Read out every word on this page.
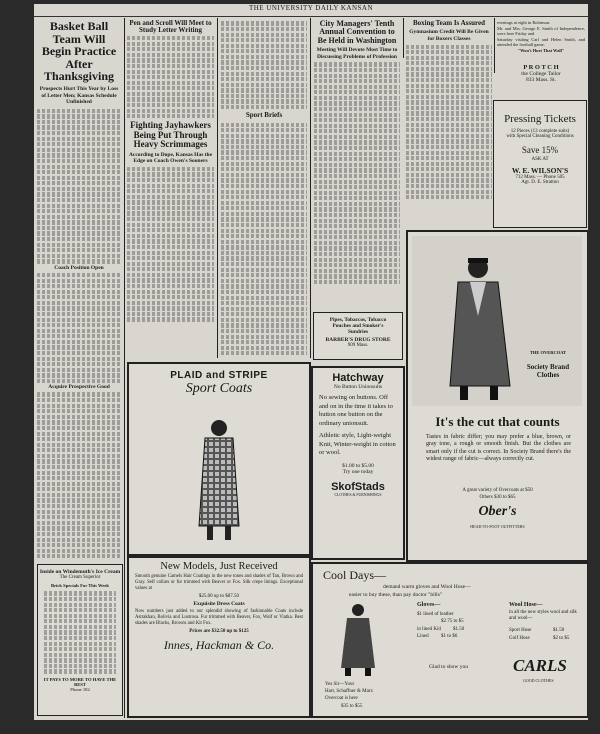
THE UNIVERSITY DAILY KANSAN
Basket Ball Team Will Begin Practice After Thanksgiving
Prospects Hurt This Year by Loss of Letter Men; Kansas Schedule Unfinished
Coach Position Open
Acquire Prospective Good
Inside on Windemuth's Ice Cream
The Cream Superior
Brick Specials For This Week
IT PAYS TO MORE TO HAVE THE BEST
Phone 182
Pen and Scroll Will Meet to Study Letter Writing
Fighting Jayhawkers Being Put Through Heavy Scrimmages
According to Dope, Kansas Has the Edge on Coach Owen's Sooners
Sport Briefs
City Managers' Tenth Annual Convention to Be Held in Washington
Meeting Will Devote Most Time to Discussing Problems of Profession
Pipes, Tobaccos, Tobacco
Pouches and Smoker's
Sundries
BARBER'S DRUG STORE
909 Mass.
Boxing Team Is Assured
Gymnasium Credit Will Be Given for Boxers Classes
evenings at eight in Robinson.
Mr. and Mrs. George E. Smith of Independence, were here Friday and
Saturday visiting Carl and Helen Smith, and attended the football game.
"Won't Hurt That Wall"
P R O T C H
the College Tailor
833 Mass. St.
Pressing Tickets
12 Pieces (13 complete suits)
with Special Cleaning Conditions
Save 15%
ASK AT
W. E. WILSON'S
712 Mass. — Phone 505
Agt. D. E. Stratton
THE OVERCOAT
Society Brand Clothes
It's the cut that counts
Tastes in fabric differ; you may prefer a blue, brown, or gray tone, a rough or smooth finish. But the clothes are smart only if the cut is correct. In Society Brand there's the widest range of fabric—always correctly cut.
A great variety of Overcoats at $50
Others $30 to $65
Ober's
HEAD-TO-FOOT OUTFITTERS
PLAID and STRIPE
Sport Coats
New Models, Just Received
Smooth genuine Camels Hair Coatings in the new tones and shades of Tan, Brown and Gray. Self collars or fur trimmed with Beaver or Fox. Silk crepe linings. Exceptional values at
$25.00 up to $87.50
Exquisite Dress Coats
Now numbers just added to our splendid showing of fashionable Coats include Astrakhan, Bolivia and Lustrosa. Fur trimmed with Beaver, Fox, Wolf or Viatka. Best shades are Blacks, Browns and Kit Fox.
Prices are $32.50 up to $125
Innes, Hackman & Co.
Hatchway
No Button Unionsuits
No sewing on buttons. Off and on in the time it takes to button one button on the ordinary unionsuit.
Athletic style, Light-weight Knit, Winter-weight in cotton or wool.
$1.00 to $5.00
Try one today
SkofStads
CLOTHES & FURNISHINGS
Cool Days—
demand warm gloves and Wool Hose—
easier to buy these, than pay doctor "bills"
Gloves—
$1 lined of leather
$2.75 to $5
in lined Kid $1.50
Lined $1 to $6
Wool Hose—
in all the new styles wool and silk and wool—
Sport Hose	$1.50
Golf Hose	$2 to $5
Yes Sir—Your
Hart, Schaffner & Marx
Overcoat is here
$35 to $55
Glad to show you	CARLS
GOOD CLOTHES
